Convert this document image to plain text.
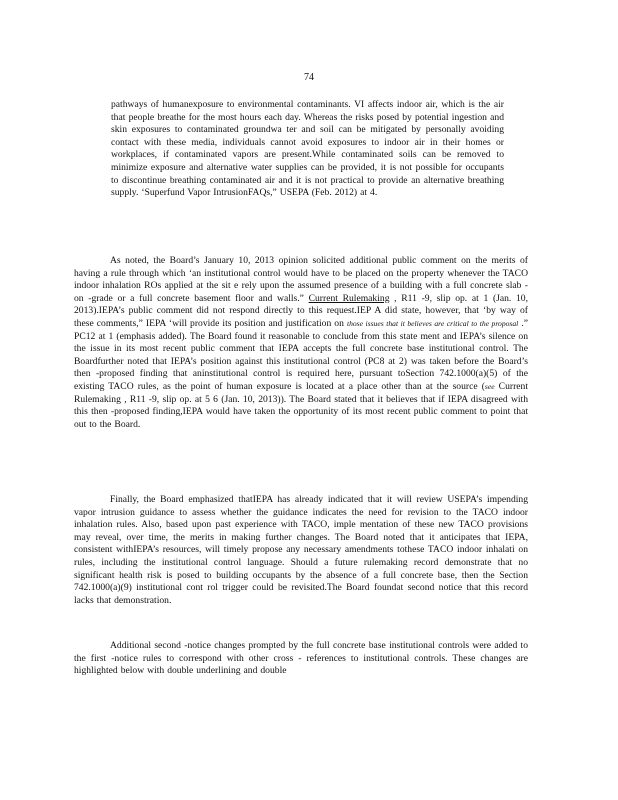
74

pathways of humanexposure to environmental contaminants. VI affects indoor air, which is the air that people breathe for the most hours each day. Whereas the risks posed by potential ingestion and skin exposures to contaminated groundwa ter and soil can be mitigated by personally avoiding contact with these media, individuals cannot avoid exposures to indoor air in their homes or workplaces, if contaminated vapors are present.While contaminated soils can be removed to minimize exposure and alternative water supplies can be provided, it is not possible for occupants to discontinue breathing contaminated air and it is not practical to provide an alternative breathing supply. ‘Superfund Vapor IntrusionFAQs,” USEPA (Feb. 2012) at 4.

As noted, the Board’s January 10, 2013 opinion solicited additional public comment on the merits of having a rule through which ‘an institutional control would have to be placed on the property whenever the TACO indoor inhalation ROs applied at the sit e rely upon the assumed presence of a building with a full concrete slab -on -grade or a full concrete basement floor and walls.” Current Rulemaking , R11 -9, slip op. at 1 (Jan. 10, 2013).IEPA’s public comment did not respond directly to this request.IEP A did state, however, that ‘by way of these comments,” IEPA ‘will provide its position and justification on those issues that it believes are critical to the proposal .” PC12 at 1 (emphasis added). The Board found it reasonable to conclude from this state ment and IEPA’s silence on the issue in its most recent public comment that IEPA accepts the full concrete base institutional control. The Boardfurther noted that IEPA’s position against this institutional control (PC8 at 2) was taken before the Board’s then -proposed finding that aninstitutional control is required here, pursuant toSection 742.1000(a)(5) of the existing TACO rules, as the point of human exposure is located at a place other than at the source (see Current Rulemaking , R11 -9, slip op. at 5 6 (Jan. 10, 2013)). The Board stated that it believes that if IEPA disagreed with this then -proposed finding,IEPA would have taken the opportunity of its most recent public comment to point that out to the Board.

Finally, the Board emphasized thatIEPA has already indicated that it will review USEPA’s impending vapor intrusion guidance to assess whether the guidance indicates the need for revision to the TACO indoor inhalation rules. Also, based upon past experience with TACO, imple mentation of these new TACO provisions may reveal, over time, the merits in making further changes. The Board noted that it anticipates that IEPA, consistent withIEPA’s resources, will timely propose any necessary amendments tothese TACO indoor inhalati on rules, including the institutional control language. Should a future rulemaking record demonstrate that no significant health risk is posed to building occupants by the absence of a full concrete base, then the Section 742.1000(a)(9) institutional cont rol trigger could be revisited.The Board foundat second notice that this record lacks that demonstration.

Additional second -notice changes prompted by the full concrete base institutional controls were added to the first -notice rules to correspond with other cross - references to institutional controls. These changes are highlighted below with double underlining and double
